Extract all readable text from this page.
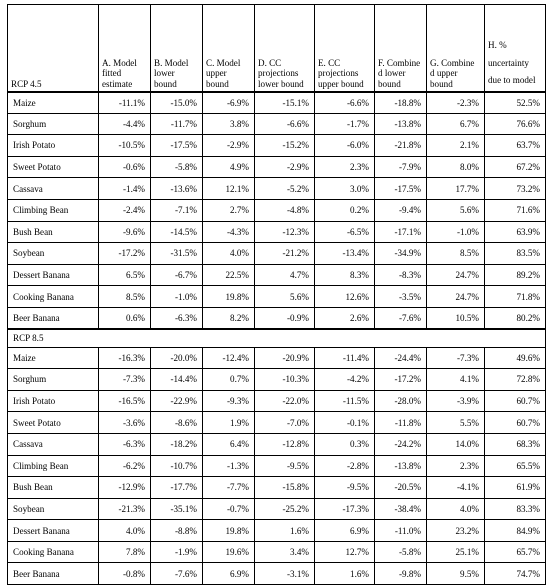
RCP 4.5	A. Model fitted estimate	B. Model lower bound	C. Model upper bound	D. CC projections lower bound	E. CC projections upper bound	F. Combine d lower bound	G. Combine d upper bound	H. % uncertainty due to model
Maize	-11.1%	-15.0%	-6.9%	-15.1%	-6.6%	-18.8%	-2.3%	52.5%
Sorghum	-4.4%	-11.7%	3.8%	-6.6%	-1.7%	-13.8%	6.7%	76.6%
Irish Potato	-10.5%	-17.5%	-2.9%	-15.2%	-6.0%	-21.8%	2.1%	63.7%
Sweet Potato	-0.6%	-5.8%	4.9%	-2.9%	2.3%	-7.9%	8.0%	67.2%
Cassava	-1.4%	-13.6%	12.1%	-5.2%	3.0%	-17.5%	17.7%	73.2%
Climbing Bean	-2.4%	-7.1%	2.7%	-4.8%	0.2%	-9.4%	5.6%	71.6%
Bush Bean	-9.6%	-14.5%	-4.3%	-12.3%	-6.5%	-17.1%	-1.0%	63.9%
Soybean	-17.2%	-31.5%	4.0%	-21.2%	-13.4%	-34.9%	8.5%	83.5%
Dessert Banana	6.5%	-6.7%	22.5%	4.7%	8.3%	-8.3%	24.7%	89.2%
Cooking Banana	8.5%	-1.0%	19.8%	5.6%	12.6%	-3.5%	24.7%	71.8%
Beer Banana	0.6%	-6.3%	8.2%	-0.9%	2.6%	-7.6%	10.5%	80.2%
RCP 8.5								
Maize	-16.3%	-20.0%	-12.4%	-20.9%	-11.4%	-24.4%	-7.3%	49.6%
Sorghum	-7.3%	-14.4%	0.7%	-10.3%	-4.2%	-17.2%	4.1%	72.8%
Irish Potato	-16.5%	-22.9%	-9.3%	-22.0%	-11.5%	-28.0%	-3.9%	60.7%
Sweet Potato	-3.6%	-8.6%	1.9%	-7.0%	-0.1%	-11.8%	5.5%	60.7%
Cassava	-6.3%	-18.2%	6.4%	-12.8%	0.3%	-24.2%	14.0%	68.3%
Climbing Bean	-6.2%	-10.7%	-1.3%	-9.5%	-2.8%	-13.8%	2.3%	65.5%
Bush Bean	-12.9%	-17.7%	-7.7%	-15.8%	-9.5%	-20.5%	-4.1%	61.9%
Soybean	-21.3%	-35.1%	-0.7%	-25.2%	-17.3%	-38.4%	4.0%	83.3%
Dessert Banana	4.0%	-8.8%	19.8%	1.6%	6.9%	-11.0%	23.2%	84.9%
Cooking Banana	7.8%	-1.9%	19.6%	3.4%	12.7%	-5.8%	25.1%	65.7%
Beer Banana	-0.8%	-7.6%	6.9%	-3.1%	1.6%	-9.8%	9.5%	74.7%
